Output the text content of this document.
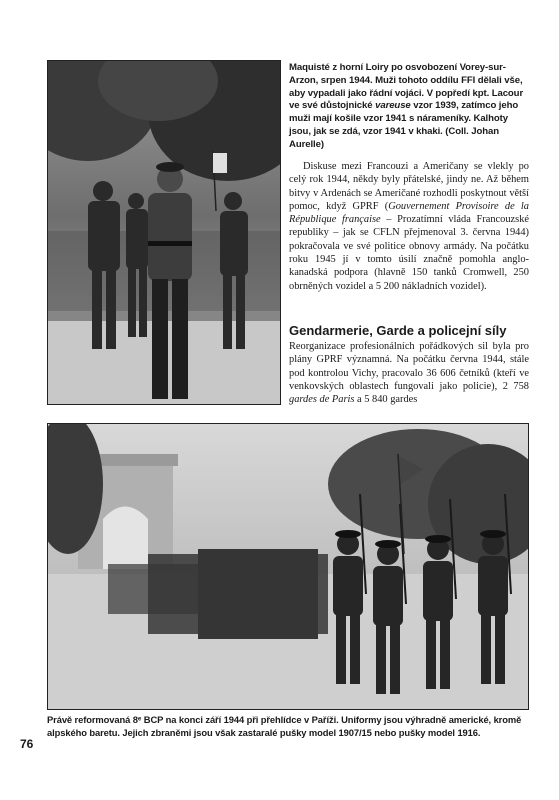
Maquisté z horní Loiry po osvobození Vorey-sur-Arzon, srpen 1944. Muži tohoto oddílu FFI dělali vše, aby vypadali jako řádní vojáci. V popředí kpt. Lacour ve své důstojnické vareuse vzor 1939, zatímco jeho muži mají košile vzor 1941 s nárameníky. Kalhoty jsou, jak se zdá, vzor 1941 v khaki. (Coll. Johan Aurelle)

Diskuse mezi Francouzi a Američany se vlekly po celý rok 1944, někdy byly přátelské, jindy ne. Až během bitvy v Ardenách se Američané rozhodli poskytnout větší pomoc, když GPRF (Gouvernement Provisoire de la République française – Prozatímní vláda Francouzské republiky – jak se CFLN přejmenoval 3. června 1944) pokračovala ve své politice obnovy armády. Na počátku roku 1945 jí v tomto úsilí značně pomohla anglo-kanadská podpora (hlavně 150 tanků Cromwell, 250 obrněných vozidel a 5 200 nákladních vozidel).

Gendarmerie, Garde a policejní síly

Reorganizace profesionálních pořádkových sil byla pro plány GPRF významná. Na počátku června 1944, stále pod kontrolou Vichy, pracovalo 36 606 četníků (kteří ve venkovských oblastech fungovali jako policie), 2 758 gardes de Paris a 5 840 gardes

Právě reformovaná 8ᵉ BCP na konci září 1944 při přehlídce v Paříži. Uniformy jsou výhradně americké, kromě alpského baretu. Jejich zbraněmi jsou však zastaralé pušky model 1907/15 nebo pušky model 1916.
76
